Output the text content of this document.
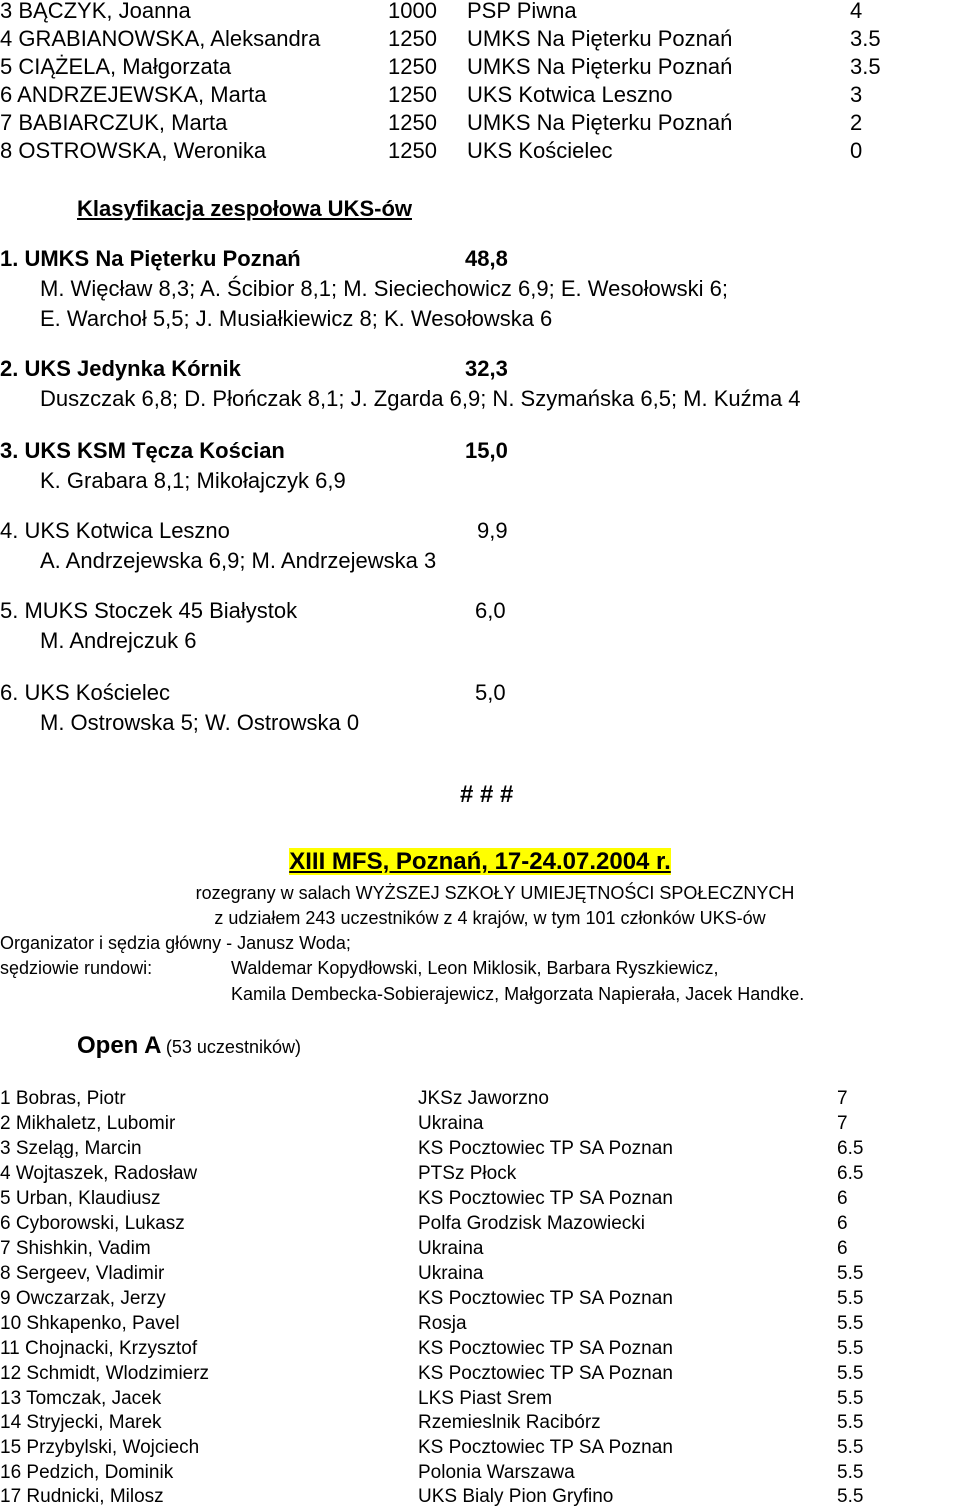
3 BĄCZYK, Joanna	1000 PSP Piwna	4
4 GRABIANOWSKA, Aleksandra	1250 UMKS Na Pięterku Poznań	3.5
5 CIĄŻELA, Małgorzata	1250 UMKS Na Pięterku Poznań	3.5
6 ANDRZEJEWSKA, Marta	1250 UKS Kotwica Leszno	3
7 BABIARCZUK, Marta	1250 UMKS Na Pięterku Poznań	2
8 OSTROWSKA, Weronika	1250 UKS Kościelec	0
Klasyfikacja zespołowa UKS-ów
1. UMKS Na Pięterku Poznań	48,8
M. Więcław 8,3; A. Ścibior 8,1; M. Sieciechowicz 6,9; E. Wesołowski 6;
E. Warchoł 5,5; J. Musiałkiewicz 8; K. Wesołowska 6
2. UKS Jedynka Kórnik	32,3
Duszczak 6,8; D. Płończak 8,1; J. Zgarda 6,9; N. Szymańska 6,5; M. Kuźma 4
3. UKS KSM Tęcza Kościan	15,0
K. Grabara 8,1; Mikołajczyk 6,9
4. UKS Kotwica Leszno	9,9
A. Andrzejewska 6,9; M. Andrzejewska 3
5. MUKS Stoczek 45 Białystok	6,0
M. Andrejczuk 6
6. UKS Kościelec	5,0
M. Ostrowska 5; W. Ostrowska 0
# # #
XIII MFS, Poznań, 17-24.07.2004 r.
rozegrany w salach WYŻSZEJ SZKOŁY UMIEJĘTNOŚCI SPOŁECZNYCH
z udziałem 243 uczestników z 4 krajów, w tym 101 członków UKS-ów
Organizator i sędzia główny - Janusz Woda;
sędziowie rundowi:	Waldemar Kopydłowski, Leon Miklosik, Barbara Ryszkiewicz,
Kamila Dembecka-Sobierajewicz, Małgorzata Napierała, Jacek Handke.
Open A (53 uczestników)
1 Bobras, Piotr	JKSz Jaworzno	7
2 Mikhaletz, Lubomir	Ukraina	7
3 Szeląg, Marcin	KS Pocztowiec TP SA Poznan	6.5
4 Wojtaszek, Radosław	PTSz Płock	6.5
5 Urban, Klaudiusz	KS Pocztowiec TP SA Poznan	6
6 Cyborowski, Lukasz	Polfa Grodzisk Mazowiecki	6
7 Shishkin, Vadim	Ukraina	6
8 Sergeev, Vladimir	Ukraina	5.5
9 Owczarzak, Jerzy	KS Pocztowiec TP SA Poznan	5.5
10 Shkapenko, Pavel	Rosja	5.5
11 Chojnacki, Krzysztof	KS Pocztowiec TP SA Poznan	5.5
12 Schmidt, Wlodzimierz	KS Pocztowiec TP SA Poznan	5.5
13 Tomczak, Jacek	LKS Piast Srem	5.5
14 Stryjecki, Marek	Rzemieslnik Racibórz	5.5
15 Przybylski, Wojciech	KS Pocztowiec TP SA Poznan	5.5
16 Pedzich, Dominik	Polonia Warszawa	5.5
17 Rudnicki, Milosz	UKS Bialy Pion Gryfino	5.5
